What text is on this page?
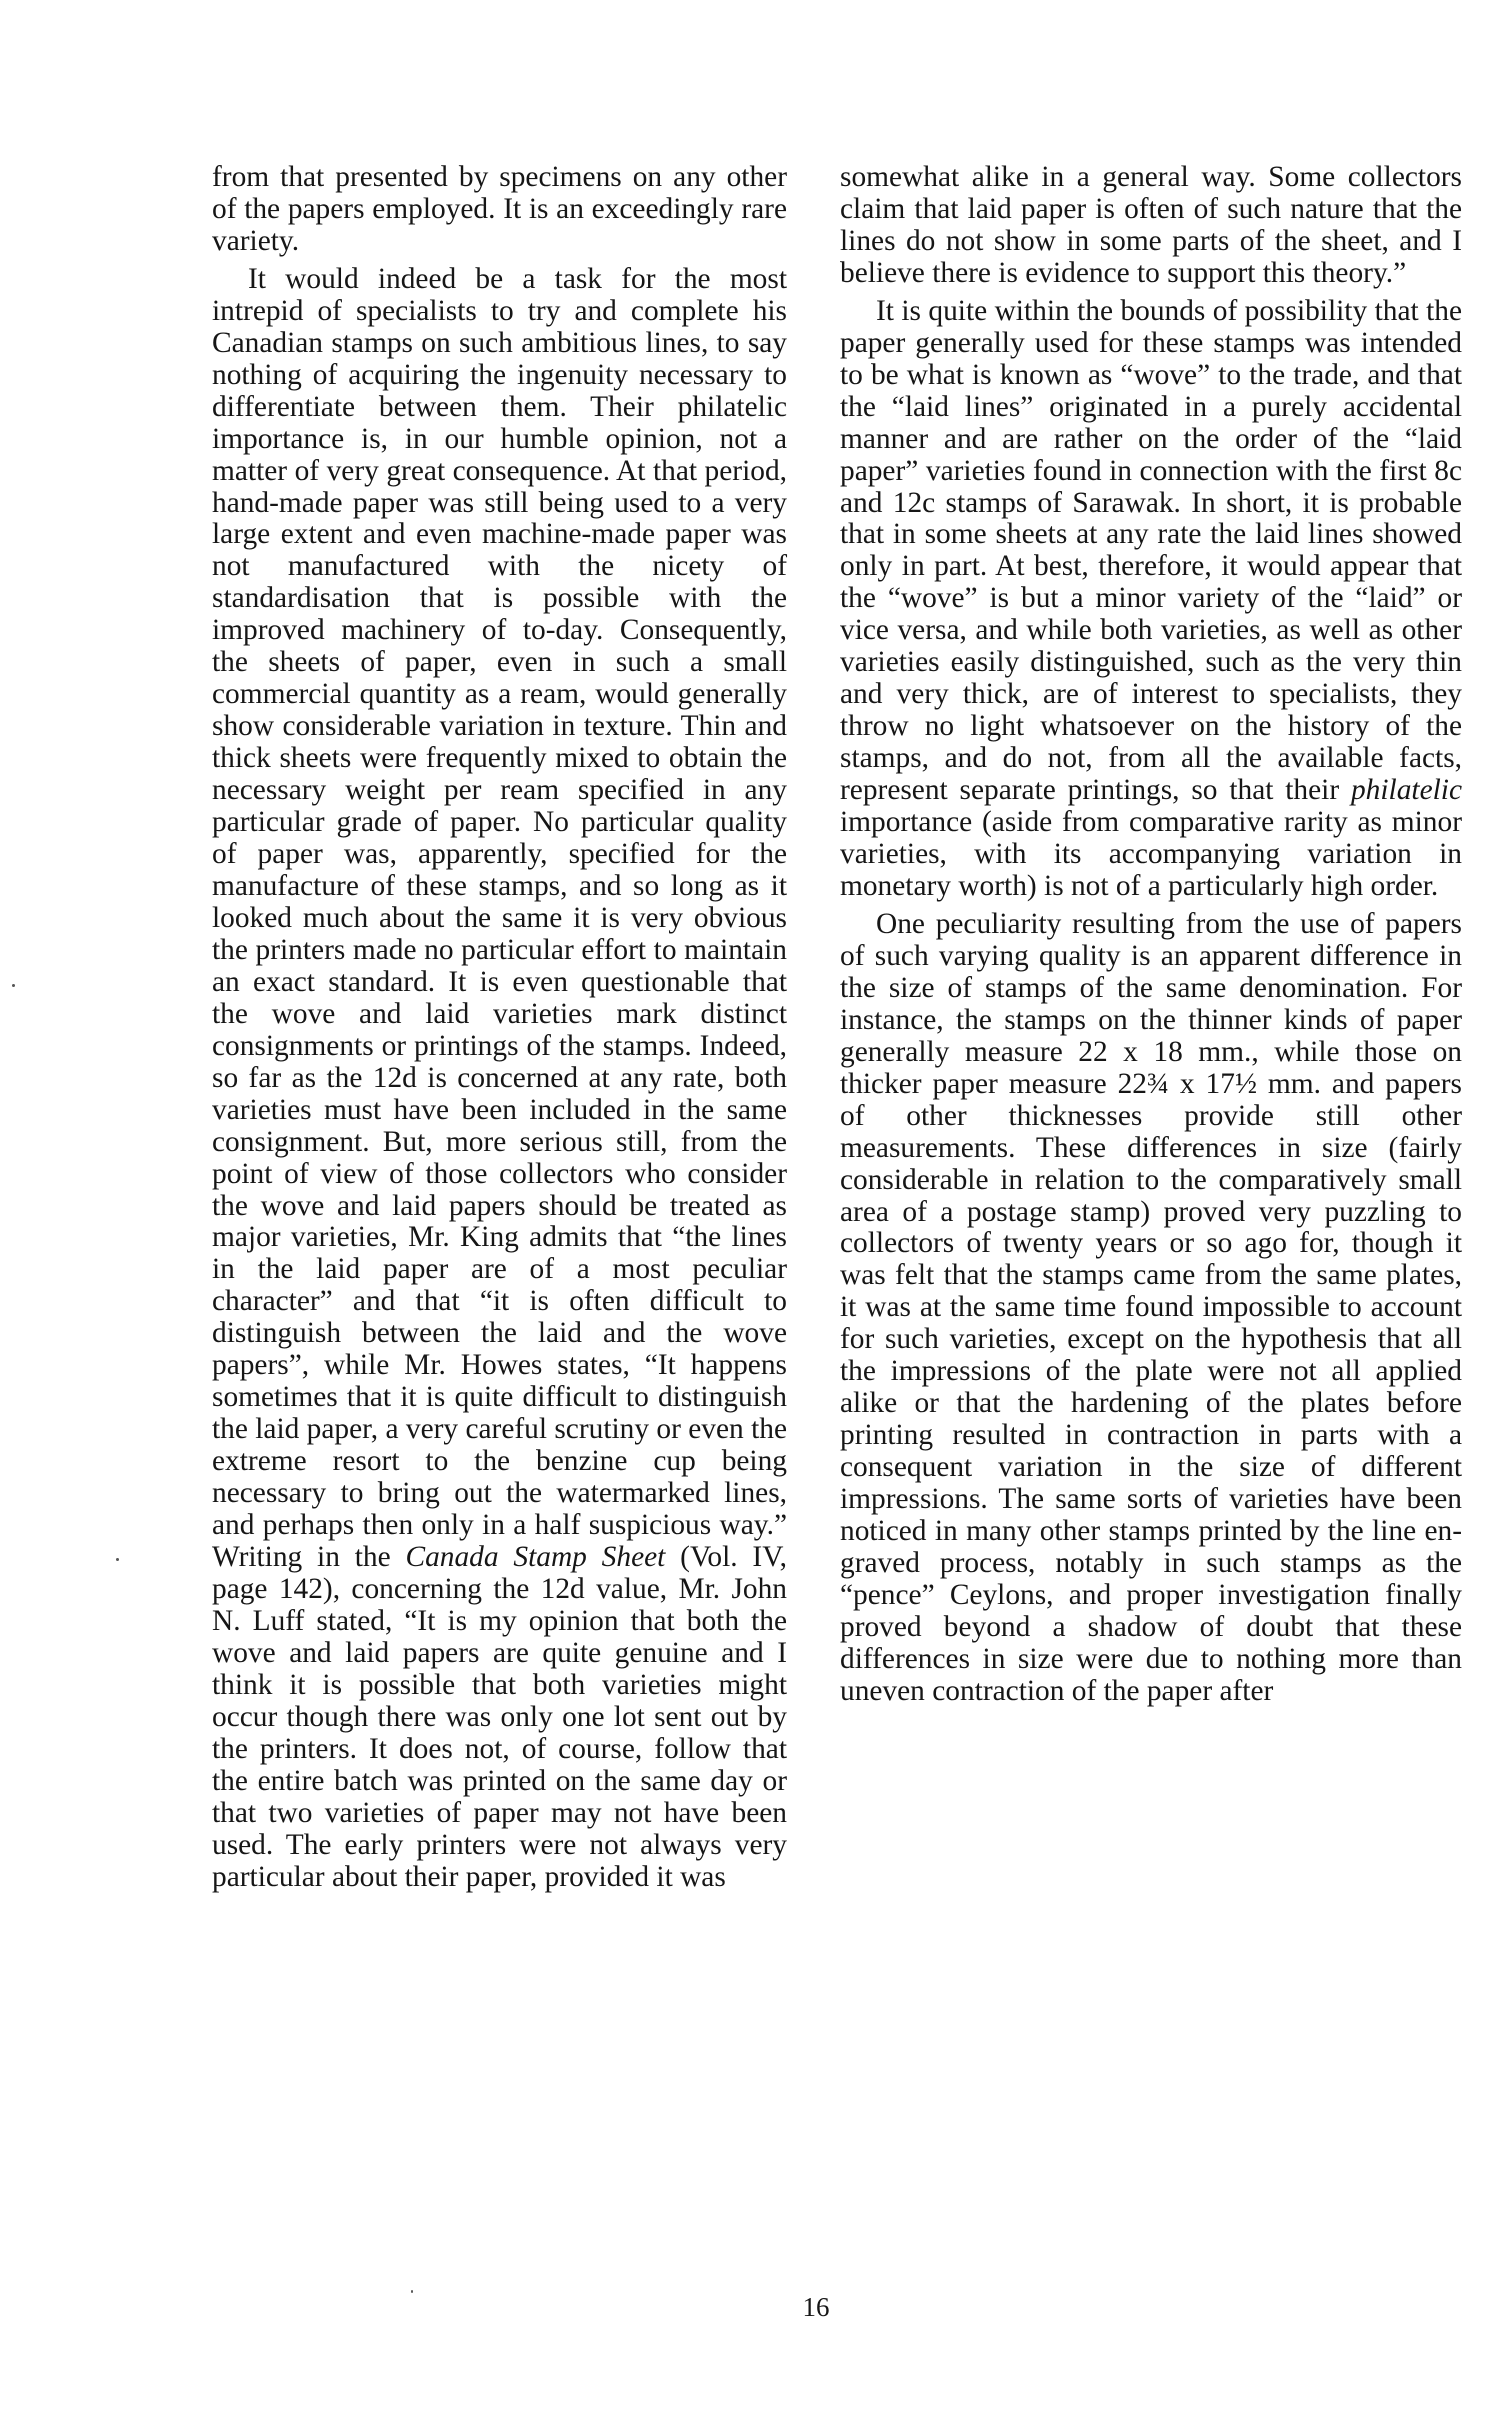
from that presented by specimens on any other of the papers employed. It is an exceedingly rare variety.

It would indeed be a task for the most intrepid of specialists to try and complete his Canadian stamps on such ambitious lines, to say nothing of acquiring the ingenuity necessary to differentiate between them. Their philatelic importance is, in our humble opinion, not a matter of very great consequence. At that period, hand-made paper was still being used to a very large extent and even machine-made paper was not manufactured with the nicety of standardisation that is possible with the improved machinery of to-day. Consequently, the sheets of paper, even in such a small commercial quantity as a ream, would generally show considerable variation in texture. Thin and thick sheets were frequently mixed to obtain the necessary weight per ream specified in any particular grade of paper. No particular quality of paper was, apparently, specified for the manufacture of these stamps, and so long as it looked much about the same it is very obvious the printers made no particular effort to maintain an exact standard. It is even questionable that the wove and laid varieties mark distinct consignments or printings of the stamps. Indeed, so far as the 12d is concerned at any rate, both varieties must have been included in the same consignment. But, more serious still, from the point of view of those collectors who consider the wove and laid papers should be treated as major varieties, Mr. King admits that “the lines in the laid paper are of a most peculiar character” and that “it is often difficult to distinguish between the laid and the wove papers”, while Mr. Howes states, “It happens sometimes that it is quite difficult to distinguish the laid paper, a very careful scrutiny or even the extreme resort to the benzine cup being necessary to bring out the watermarked lines, and perhaps then only in a half suspicious way.” Writing in the Canada Stamp Sheet (Vol. IV, page 142), concerning the 12d value, Mr. John N. Luff stated, “It is my opinion that both the wove and laid papers are quite genuine and I think it is possible that both varieties might occur though there was only one lot sent out by the printers. It does not, of course, follow that the entire batch was printed on the same day or that two varieties of paper may not have been used. The early printers were not always very particular about their paper, provided it was

somewhat alike in a general way. Some collectors claim that laid paper is often of such nature that the lines do not show in some parts of the sheet, and I believe there is evidence to support this theory.”

It is quite within the bounds of possibility that the paper generally used for these stamps was intended to be what is known as “wove” to the trade, and that the “laid lines” originated in a purely accidental manner and are rather on the order of the “laid paper” varieties found in connection with the first 8c and 12c stamps of Sarawak. In short, it is probable that in some sheets at any rate the laid lines showed only in part. At best, therefore, it would appear that the “wove” is but a minor variety of the “laid” or vice versa, and while both varieties, as well as other varieties easily distinguished, such as the very thin and very thick, are of interest to specialists, they throw no light whatsoever on the history of the stamps, and do not, from all the available facts, represent separate printings, so that their philatelic importance (aside from comparative rarity as minor varieties, with its accompanying variation in monetary worth) is not of a particularly high order.

One peculiarity resulting from the use of papers of such varying quality is an apparent difference in the size of stamps of the same denomination. For instance, the stamps on the thinner kinds of paper generally measure 22 x 18 mm., while those on thicker paper measure 22¾ x 17½ mm. and papers of other thicknesses provide still other measurements. These differences in size (fairly considerable in relation to the comparatively small area of a postage stamp) proved very puzzling to collectors of twenty years or so ago for, though it was felt that the stamps came from the same plates, it was at the same time found impossible to account for such varieties, except on the hypothesis that all the impressions of the plate were not all applied alike or that the hardening of the plates before printing resulted in contraction in parts with a consequent variation in the size of different impressions. The same sorts of varieties have been noticed in many other stamps printed by the line engraved process, notably in such stamps as the “pence” Ceylons, and proper investigation finally proved beyond a shadow of doubt that these differences in size were due to nothing more than uneven contraction of the paper after

16
